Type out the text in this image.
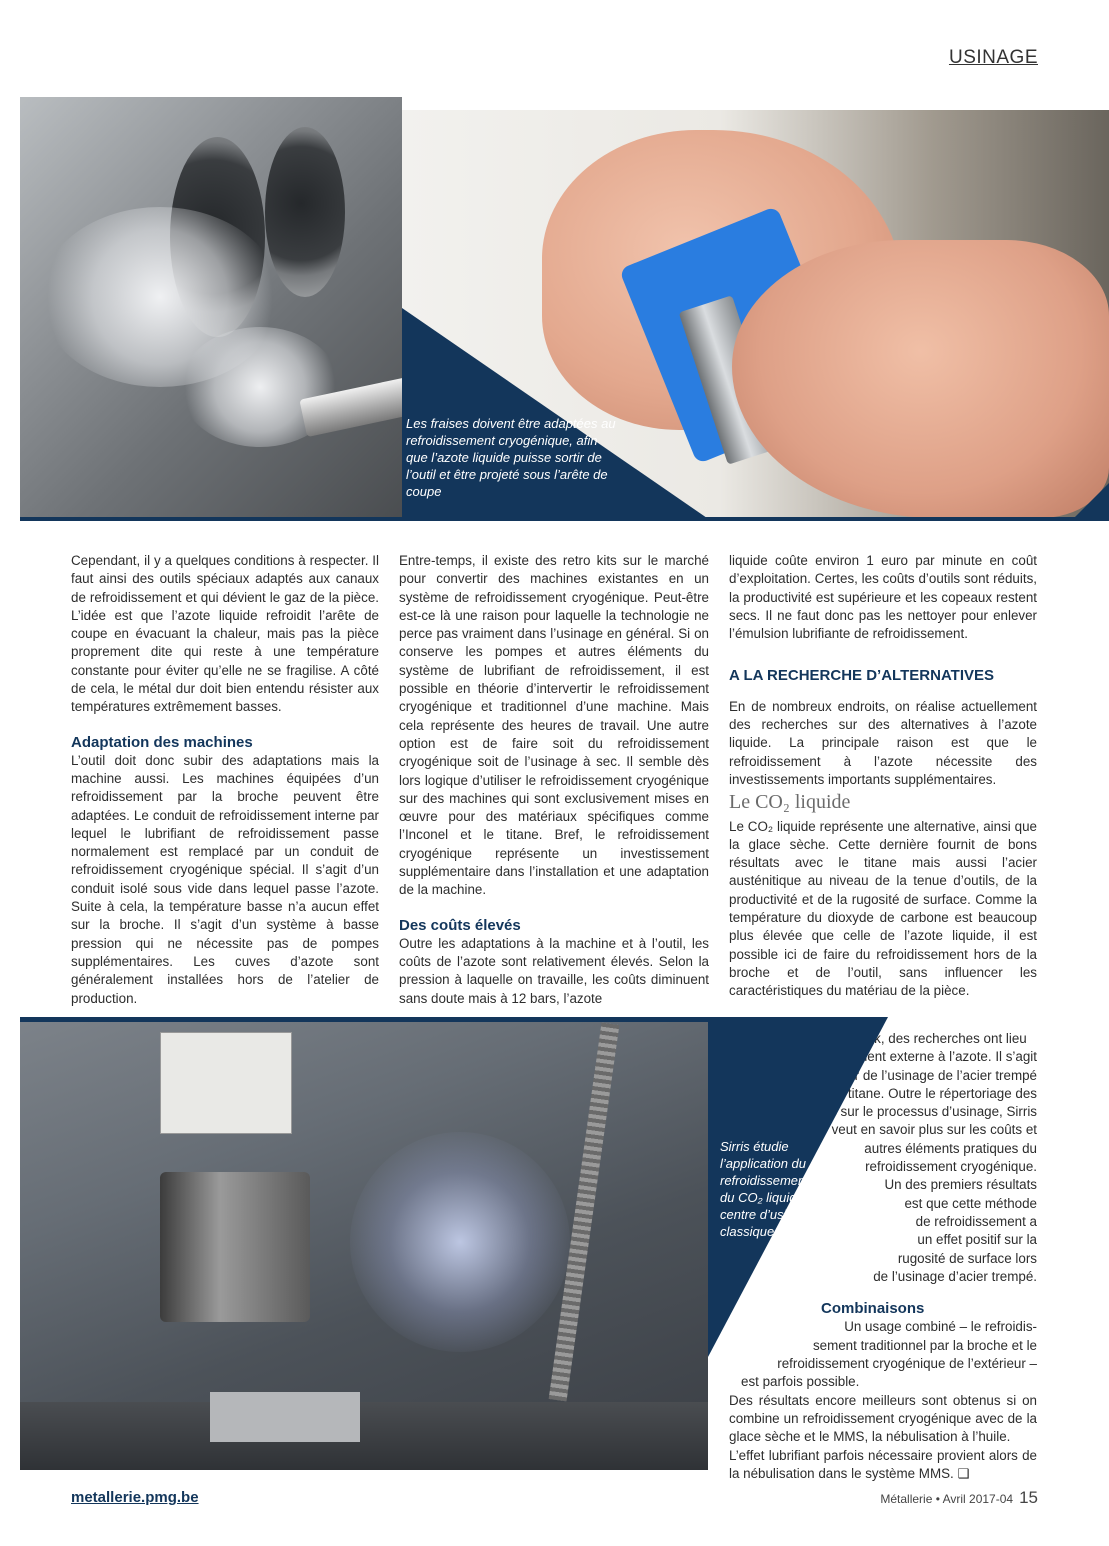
USINAGE
Les fraises doivent être adaptées au refroidissement cryogénique, afin que l’azote liquide puisse sortir de l’outil et être projeté sous l’arête de coupe

Cependant, il y a quelques conditions à respecter. Il faut ainsi des outils spéciaux adaptés aux canaux de refroidissement et qui dévient le gaz de la pièce. L’idée est que l’azote liquide refroidit l’arête de coupe en évacuant la chaleur, mais pas la pièce proprement dite qui reste à une température constante pour éviter qu’elle ne se fragilise. A côté de cela, le métal dur doit bien entendu résister aux températures extrêmement basses.

Adaptation des machines

L’outil doit donc subir des adaptations mais la machine aussi. Les machines équipées d’un refroidissement par la broche peuvent être adaptées. Le conduit de refroidissement interne par lequel le lubrifiant de refroidissement passe normalement est remplacé par un conduit de refroidissement cryogénique spécial. Il s’agit d’un conduit isolé sous vide dans lequel passe l’azote. Suite à cela, la température basse n’a aucun effet sur la broche. Il s’agit d’un système à basse pression qui ne nécessite pas de pompes supplémentaires. Les cuves d’azote sont généralement installées hors de l’atelier de production.

Entre-temps, il existe des retro kits sur le marché pour convertir des machines existantes en un système de refroidissement cryogénique. Peut-être est-ce là une raison pour laquelle la technologie ne perce pas vraiment dans l’usinage en général. Si on conserve les pompes et autres éléments du système de lubrifiant de refroidissement, il est possible en théorie d’intervertir le refroidissement cryogénique et traditionnel d’une machine. Mais cela représente des heures de travail. Une autre option est de faire soit du refroidissement cryogénique soit de l’usinage à sec. Il semble dès lors logique d’utiliser le refroidissement cryogénique sur des machines qui sont exclusivement mises en œuvre pour des matériaux spécifiques comme l’Inconel et le titane. Bref, le refroidissement cryogénique représente un investissement supplémentaire dans l’installation et une adaptation de la machine.

Des coûts élevés

Outre les adaptations à la machine et à l’outil, les coûts de l’azote sont relativement élevés. Selon la pression à laquelle on travaille, les coûts diminuent sans doute mais à 12 bars, l’azote

liquide coûte environ 1 euro par minute en coût d’exploitation. Certes, les coûts d’outils sont réduits, la productivité est supérieure et les copeaux restent secs. Il ne faut donc pas les nettoyer pour enlever l’émulsion lubrifiante de refroidissement.

A LA RECHERCHE D’ALTERNATIVES

En de nombreux endroits, on réalise actuellement des recherches sur des alternatives à l’azote liquide. La principale raison est que le refroidissement à l’azote nécessite des investissements importants supplémentaires.

Le CO₂ liquide

Le CO₂ liquide représente une alternative, ainsi que la glace sèche. Cette dernière fournit de bons résultats avec le titane mais aussi l’acier austénitique au niveau de la tenue d’outils, de la productivité et de la rugosité de surface. Comme la température du dioxyde de carbone est beaucoup plus élevée que celle de l’azote liquide, il est possible ici de faire du refroidissement hors de la broche et de l’outil, sans influencer les caractéristiques du matériau de la pièce.

Chez Sirris à Diepenbeek, des recherches ont lieu
sur le refroidissement externe à l’azote. Il s’agit
en particulier de l’usinage de l’acier trempé
et du titane. Outre le répertoriage des
effets sur le processus d’usinage, Sirris
veut en savoir plus sur les coûts et
autres éléments pratiques du
refroidissement cryogénique.
Un des premiers résultats
est que cette méthode
de refroidissement a
un effet positif sur la
rugosité de surface lors
de l’usinage d’acier trempé.
Combinaisons
Un usage combiné – le refroidis-
sement traditionnel par la broche et le
refroidissement cryogénique de l’extérieur –
est parfois possible.

Des résultats encore meilleurs sont obtenus si on combine un refroidissement cryogénique avec de la glace sèche et le MMS, la nébulisation à l’huile.

L’effet lubrifiant parfois nécessaire provient alors de la nébulisation dans le système MMS. ❑

Sirris étudie l’application du refroidissement avec du CO₂ liquide sur un centre d’usinage classique
metallerie.pmg.be	Métallerie • Avril 2017-04 15
